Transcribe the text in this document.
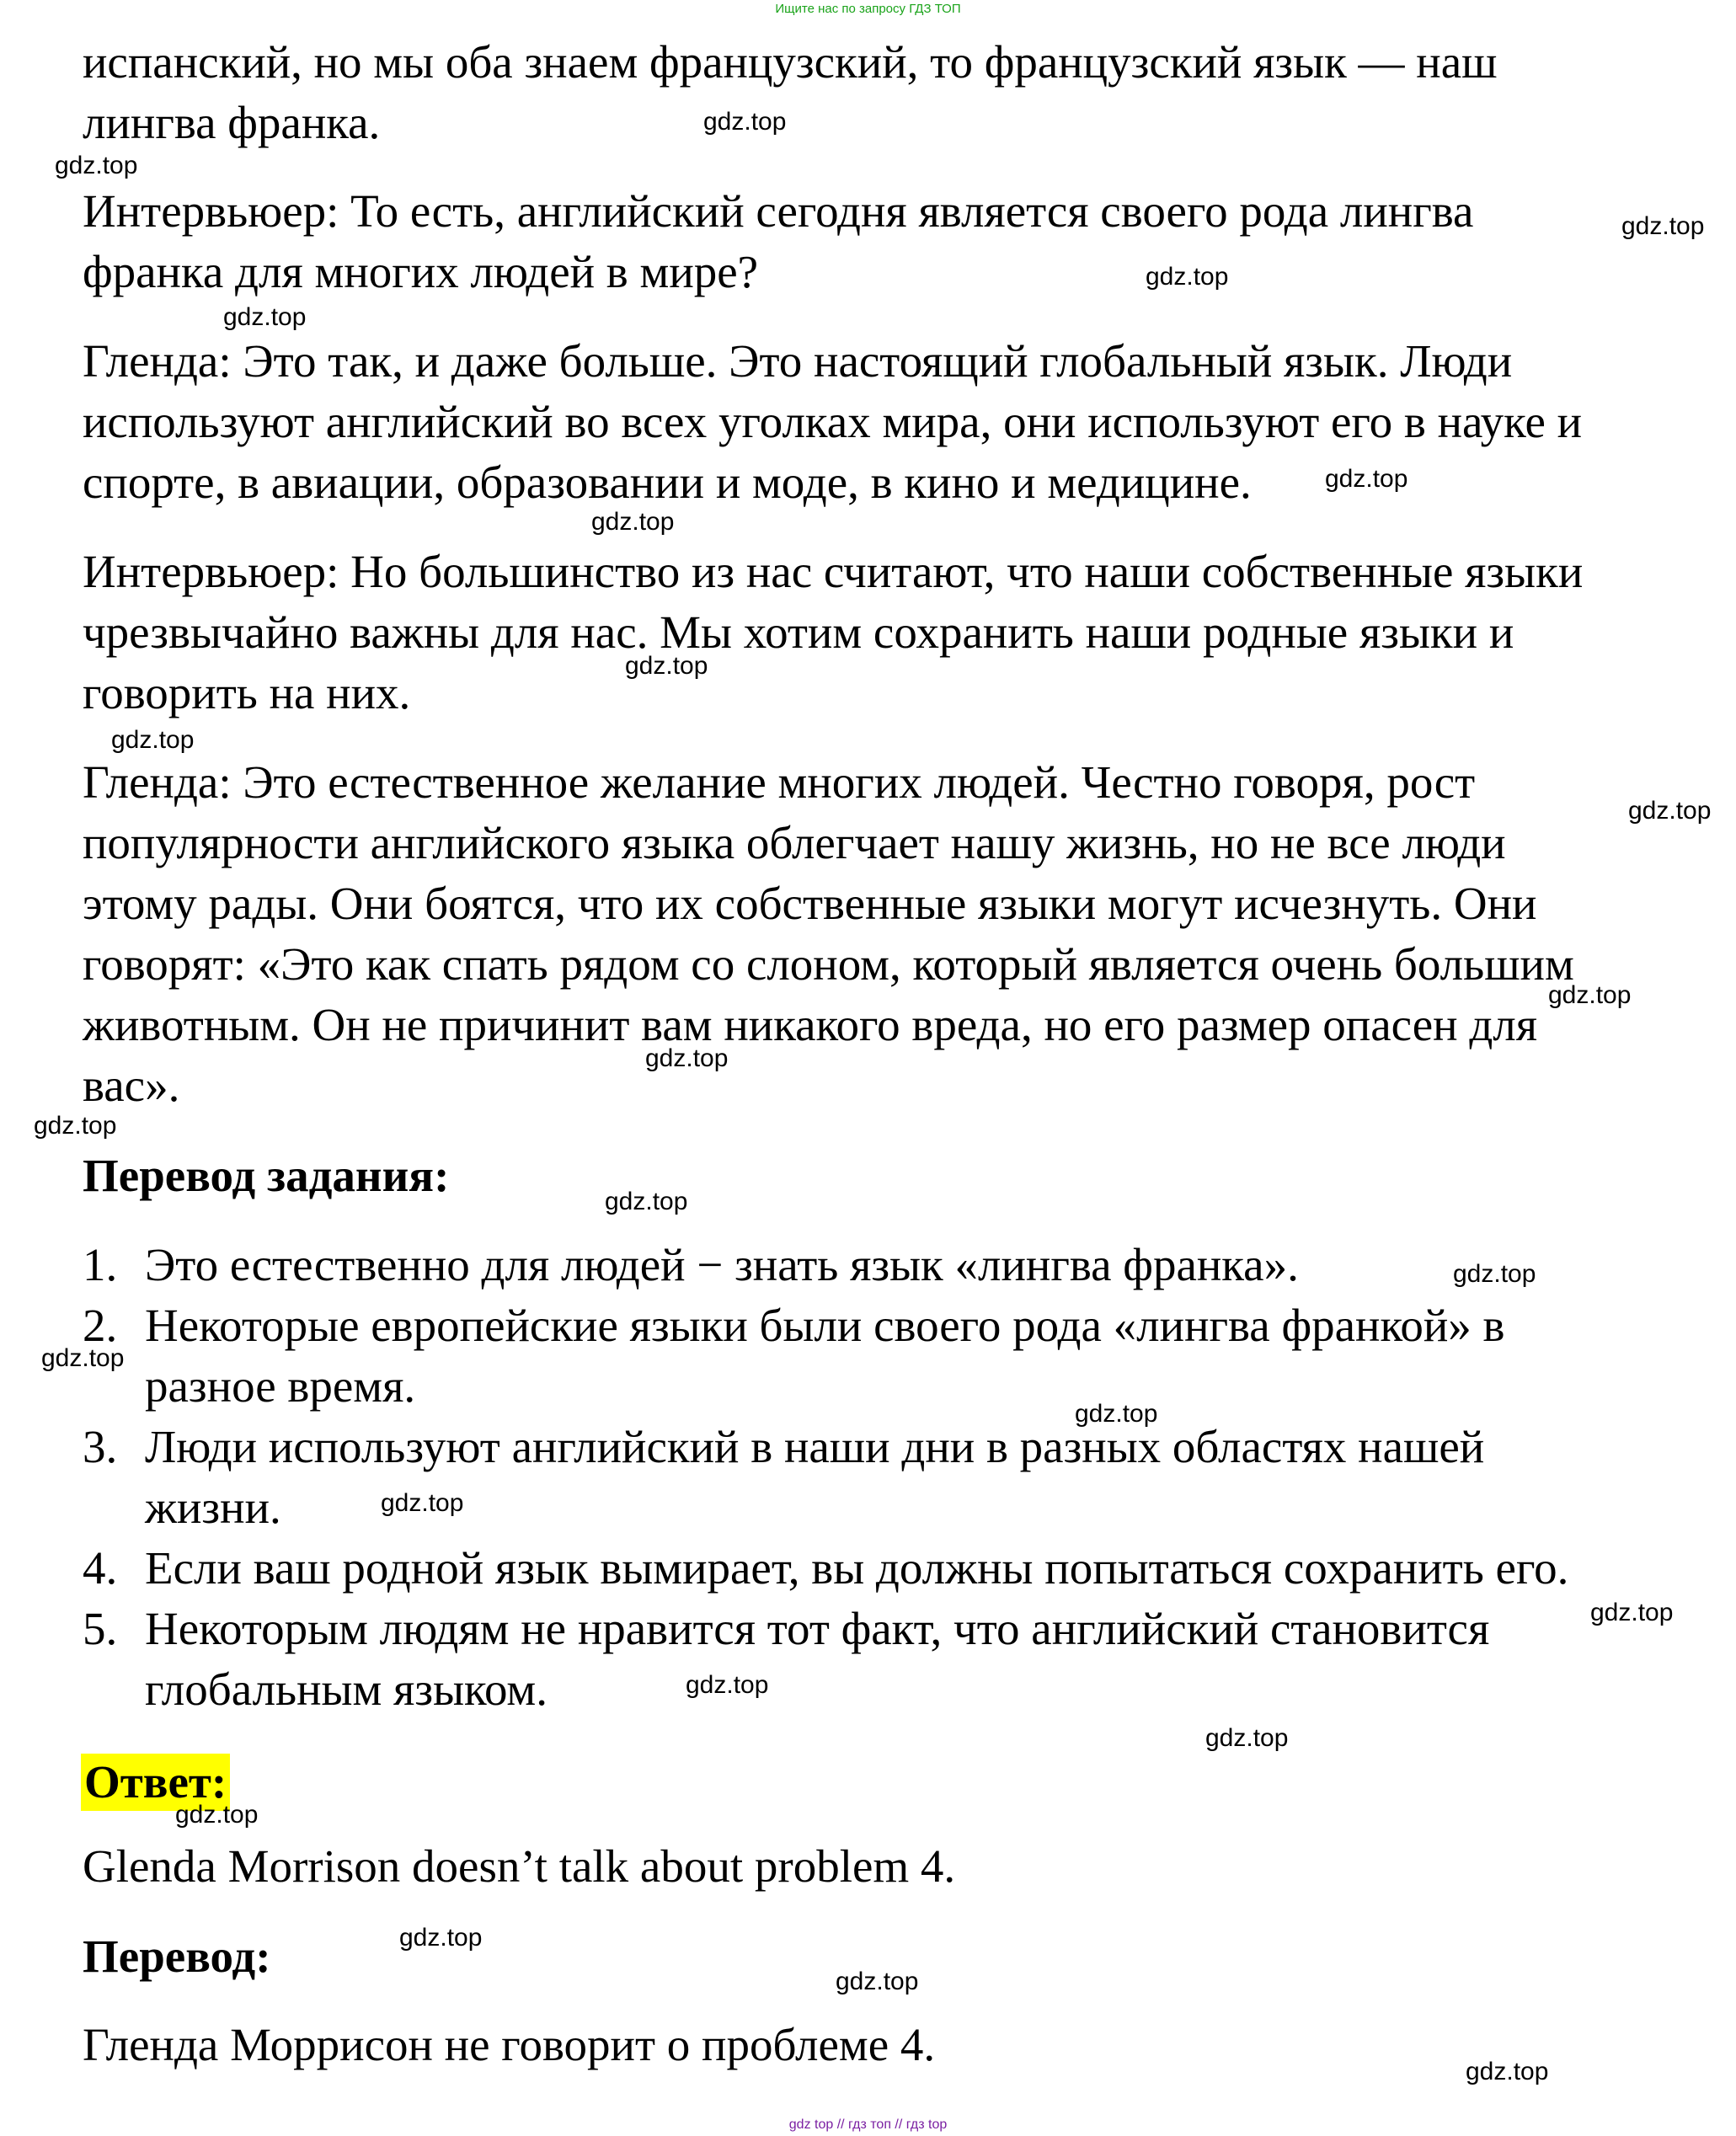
Ищите нас по запросу ГДЗ ТОП
испанский, но мы оба знаем французский, то французский язык — наш
лингва франка.
Интервьюер: То есть, английский сегодня является своего рода лингва
франка для многих людей в мире?
Гленда: Это так, и даже больше. Это настоящий глобальный язык. Люди
используют английский во всех уголках мира, они используют его в науке и
спорте, в авиации, образовании и моде, в кино и медицине.
Интервьюер: Но большинство из нас считают, что наши собственные языки
чрезвычайно важны для нас. Мы хотим сохранить наши родные языки и
говорить на них.
Гленда: Это естественное желание многих людей. Честно говоря, рост
популярности английского языка облегчает нашу жизнь, но не все люди
этому рады. Они боятся, что их собственные языки могут исчезнуть. Они
говорят: «Это как спать рядом со слоном, который является очень большим
животным. Он не причинит вам никакого вреда, но его размер опасен для
вас».
Перевод задания:
1. Это естественно для людей − знать язык «лингва франка».
2. Некоторые европейские языки были своего рода «лингва франкой» в
разное время.
3. Люди используют английский в наши дни в разных областях нашей
жизни.
4. Если ваш родной язык вымирает, вы должны попытаться сохранить его.
5. Некоторым людям не нравится тот факт, что английский становится
глобальным языком.
Ответ:
Glenda Morrison doesn’t talk about problem 4.
Перевод:
Гленда Моррисон не говорит о проблеме 4.
gdz.top
gdz.top
gdz.top
gdz.top
gdz.top
gdz.top
gdz.top
gdz.top
gdz.top
gdz.top
gdz.top
gdz.top
gdz.top
gdz.top
gdz.top
gdz.top
gdz.top
gdz.top
gdz.top
gdz.top
gdz.top
gdz.top
gdz.top
gdz.top
gdz.top
gdz top // гдз топ // гдз top
